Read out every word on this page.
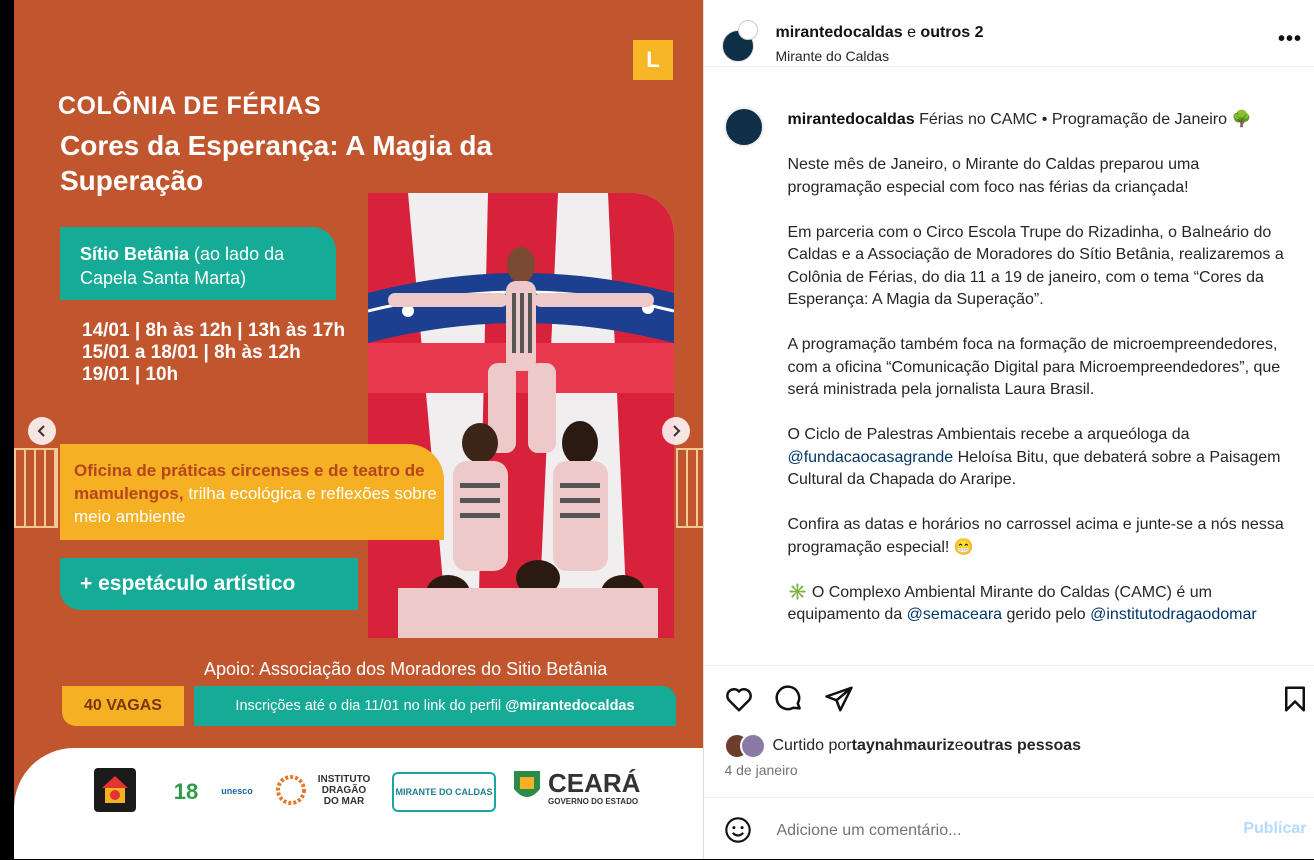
L
COLÔNIA DE FÉRIAS
Cores da Esperança: A Magia da Superação
Sítio Betânia (ao lado da Capela Santa Marta)
14/01 | 8h às 12h | 13h às 17h
15/01 a 18/01 | 8h às 12h
19/01 | 10h
Oficina de práticas circenses e de teatro de mamulengos, trilha ecológica e reflexões sobre meio ambiente
+ espetáculo artístico
Apoio: Associação dos Moradores do Sitio Betânia
40 VAGAS	Inscrições até o dia 11/01 no link do perfil @mirantedocaldas
18	unesco
INSTITUTO DRAGÃO DO MAR
MIRANTE DO CALDAS CEARÁ
GOVERNO DO ESTADO
mirantedocaldas e outros 2
Mirante do Caldas
•••

mirantedocaldas Férias no CAMC • Programação de Janeiro 🌳

Neste mês de Janeiro, o Mirante do Caldas preparou uma programação especial com foco nas férias da criançada!

Em parceria com o Circo Escola Trupe do Rizadinha, o Balneário do Caldas e a Associação de Moradores do Sítio Betânia, realizaremos a Colônia de Férias, do dia 11 a 19 de janeiro, com o tema “Cores da Esperança: A Magia da Superação”.

A programação também foca na formação de microempreendedores, com a oficina “Comunicação Digital para Microempreendedores”, que será ministrada pela jornalista Laura Brasil.

O Ciclo de Palestras Ambientais recebe a arqueóloga da @fundacaocasagrande Heloísa Bitu, que debaterá sobre a Paisagem Cultural da Chapada do Araripe.

Confira as datas e horários no carrossel acima e junte-se a nós nessa programação especial! 😁

✳️ O Complexo Ambiental Mirante do Caldas (CAMC) é um equipamento da @semaceara gerido pelo @institutodragaodomar

Curtido por taynahmauriz e outras pessoas
4 de janeiro
Adicione um comentário...
Publicar
